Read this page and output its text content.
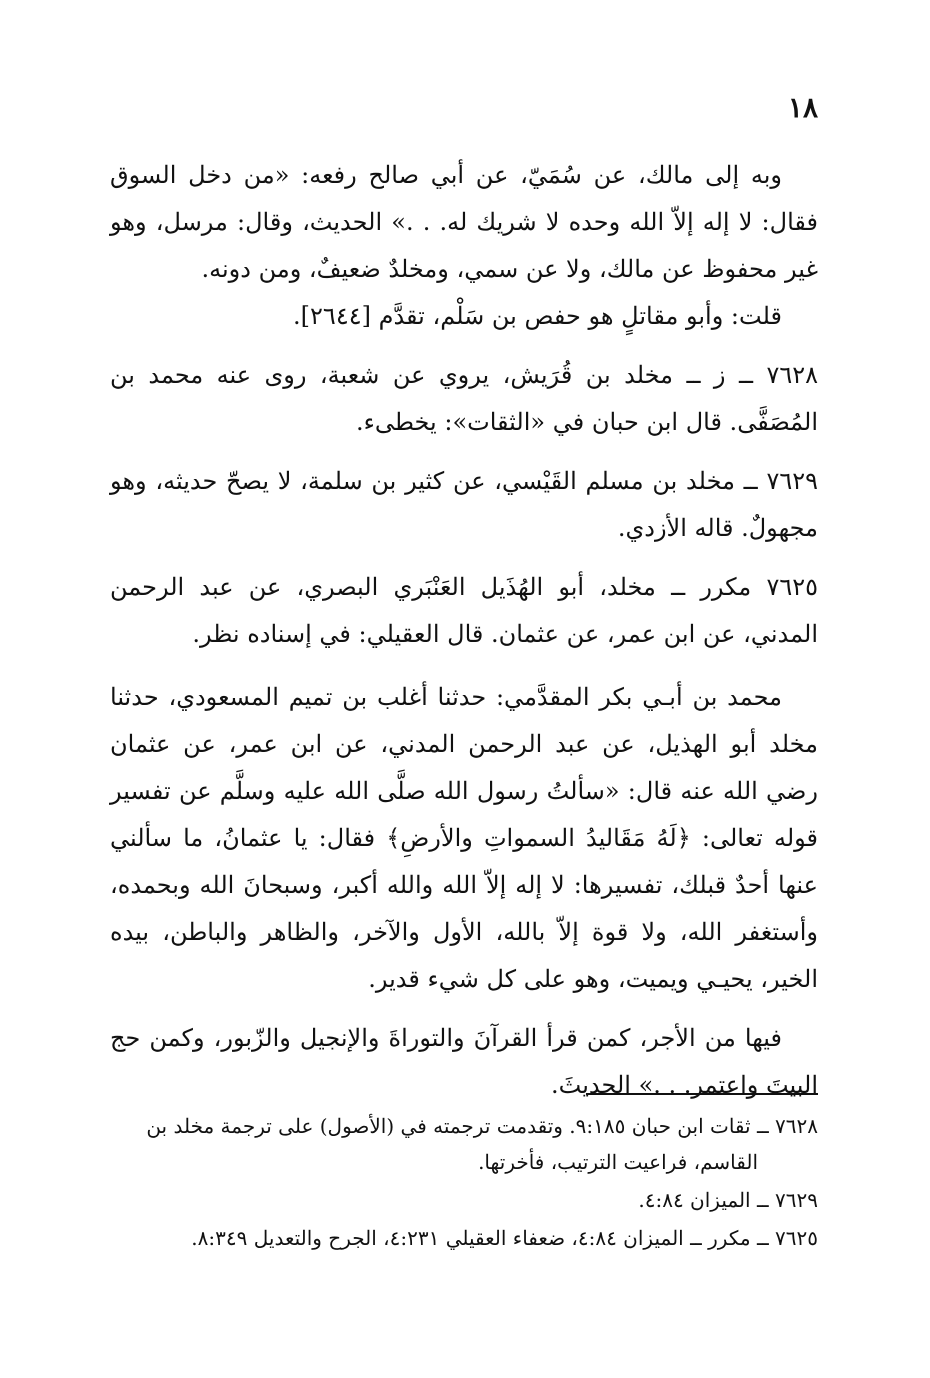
١٨

وبه إلى مالك، عن سُمَيّ، عن أبي صالح رفعه: «من دخل السوق فقال: لا إله إلاّ الله وحده لا شريك له. . .» الحديث، وقال: مرسل، وهو غير محفوظ عن مالك، ولا عن سمي، ومخلدٌ ضعيفٌ، ومن دونه.

قلت: وأبو مقاتلٍ هو حفص بن سَلْم، تقدَّم [٢٦٤٤].

٧٦٢٨ ــ ز ــ مخلد بن قُرَيش، يروي عن شعبة، روى عنه محمد بن المُصَفَّى. قال ابن حبان في «الثقات»: يخطىء.

٧٦٢٩ ــ مخلد بن مسلم القَيْسي، عن كثير بن سلمة، لا يصحّ حديثه، وهو مجهولٌ. قاله الأزدي.

٧٦٢٥ مكرر ــ مخلد، أبو الهُذَيل العَنْبَري البصري، عن عبد الرحمن المدني، عن ابن عمر، عن عثمان. قال العقيلي: في إسناده نظر.

محمد بن أبـي بكر المقدَّمي: حدثنا أغلب بن تميم المسعودي، حدثنا مخلد أبو الهذيل، عن عبد الرحمن المدني، عن ابن عمر، عن عثمان رضي الله عنه قال: «سألتُ رسول الله صلَّى الله عليه وسلَّم عن تفسير قوله تعالى: ﴿لَهُ مَقَاليدُ السمواتِ والأرضِ﴾ فقال: يا عثمانُ، ما سألني عنها أحدٌ قبلك، تفسيرها: لا إله إلاّ الله والله أكبر، وسبحانَ الله وبحمده، وأستغفر الله، ولا قوة إلاّ بالله، الأول والآخر، والظاهر والباطن، بيده الخير، يحيـي ويميت، وهو على كل شيء قدير.

فيها من الأجر، كمن قرأ القرآنَ والتوراةَ والإنجيل والزّبور، وكمن حج البيتَ واعتمر. . .» الحديثَ.

٧٦٢٨ ــ ثقات ابن حبان ٩:١٨٥. وتقدمت ترجمته في (الأصول) على ترجمة مخلد بن
القاسم، فراعيت الترتيب، فأخرتها.

٧٦٢٩ ــ الميزان ٤:٨٤.

٧٦٢٥ ــ مكرر ــ الميزان ٤:٨٤، ضعفاء العقيلي ٤:٢٣١، الجرح والتعديل ٨:٣٤٩.
